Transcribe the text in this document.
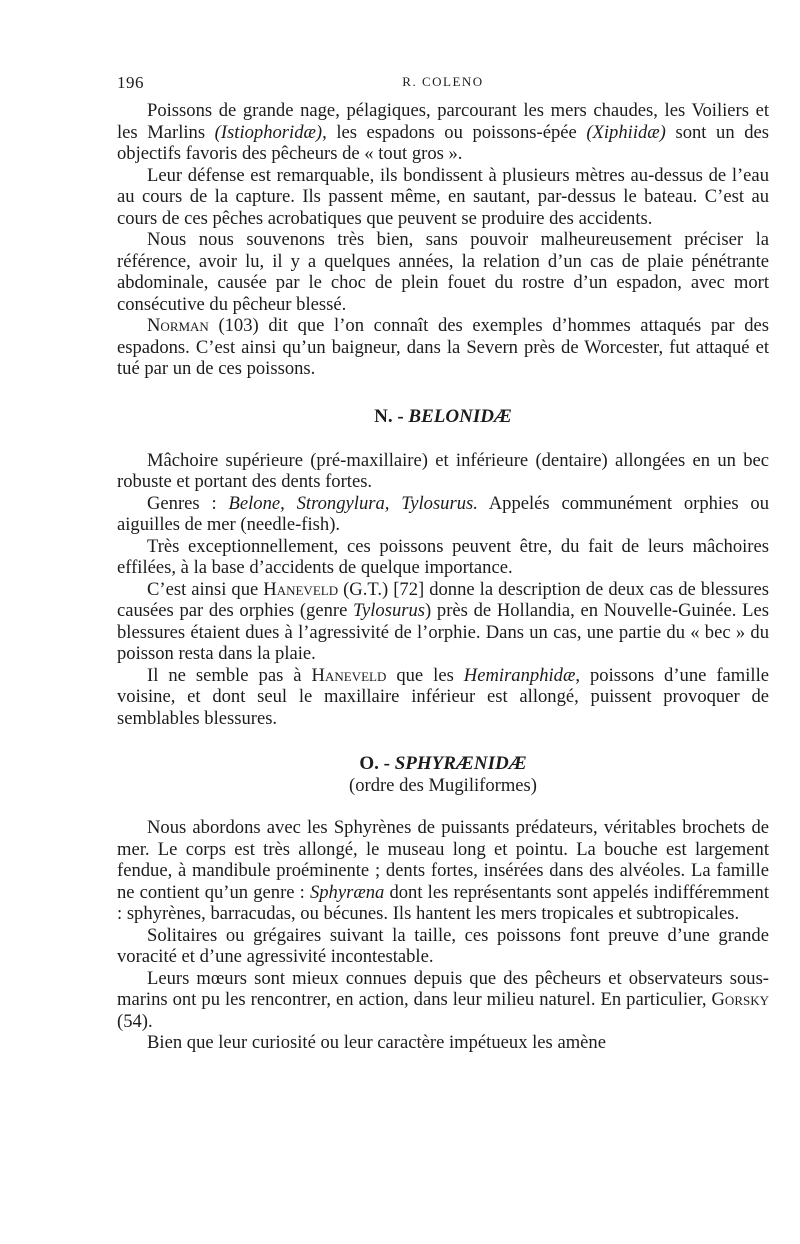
196	R. COLENO

Poissons de grande nage, pélagiques, parcourant les mers chaudes, les Voiliers et les Marlins (Istiophoridæ), les espadons ou poissons-épée (Xiphiidæ) sont un des objectifs favoris des pêcheurs de « tout gros ».

Leur défense est remarquable, ils bondissent à plusieurs mètres au-dessus de l’eau au cours de la capture. Ils passent même, en sautant, par-dessus le bateau. C’est au cours de ces pêches acrobatiques que peuvent se produire des accidents.

Nous nous souvenons très bien, sans pouvoir malheureusement préciser la référence, avoir lu, il y a quelques années, la relation d’un cas de plaie pénétrante abdominale, causée par le choc de plein fouet du rostre d’un espadon, avec mort consécutive du pêcheur blessé.

Norman (103) dit que l’on connaît des exemples d’hommes attaqués par des espadons. C’est ainsi qu’un baigneur, dans la Severn près de Worcester, fut attaqué et tué par un de ces poissons.

N. - BELONIDÆ

Mâchoire supérieure (pré-maxillaire) et inférieure (dentaire) allongées en un bec robuste et portant des dents fortes.

Genres : Belone, Strongylura, Tylosurus. Appelés communément orphies ou aiguilles de mer (needle-fish).

Très exceptionnellement, ces poissons peuvent être, du fait de leurs mâchoires effilées, à la base d’accidents de quelque importance.

C’est ainsi que Haneveld (G.T.) [72] donne la description de deux cas de blessures causées par des orphies (genre Tylosurus) près de Hollandia, en Nouvelle-Guinée. Les blessures étaient dues à l’agressivité de l’orphie. Dans un cas, une partie du « bec » du poisson resta dans la plaie.

Il ne semble pas à Haneveld que les Hemiranphidæ, poissons d’une famille voisine, et dont seul le maxillaire inférieur est allongé, puissent provoquer de semblables blessures.

O. - SPHYRÆNIDÆ
(ordre des Mugiliformes)

Nous abordons avec les Sphyrènes de puissants prédateurs, véritables brochets de mer. Le corps est très allongé, le museau long et pointu. La bouche est largement fendue, à mandibule proéminente ; dents fortes, insérées dans des alvéoles. La famille ne contient qu’un genre : Sphyræna dont les représentants sont appelés indifféremment : sphyrènes, barracudas, ou bécunes. Ils hantent les mers tropicales et subtropicales.

Solitaires ou grégaires suivant la taille, ces poissons font preuve d’une grande voracité et d’une agressivité incontestable.

Leurs mœurs sont mieux connues depuis que des pêcheurs et observateurs sous-marins ont pu les rencontrer, en action, dans leur milieu naturel. En particulier, Gorsky (54).

Bien que leur curiosité ou leur caractère impétueux les amène
